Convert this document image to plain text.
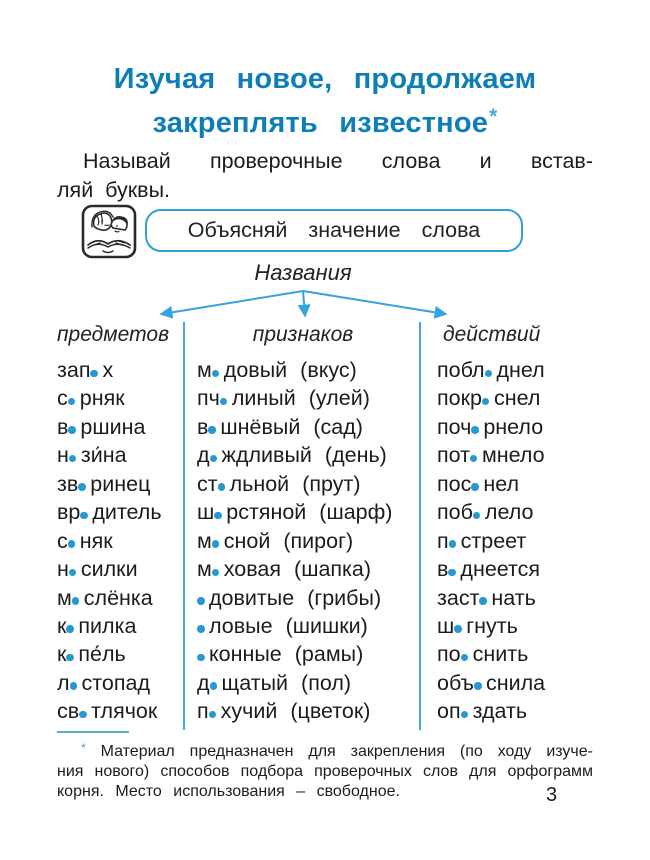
Изучая новое, продолжаем
закреплять известное*

Называй проверочные слова и встав-
ляй буквы.

Объясняй значение слова
Названия
предметов
зап х
с рняк
в ршина
н зи́на
зв ринец
вр дитель
с няк
н силки
м слёнка
к пилка
к пе́ль
л стопад
св тлячок
признаков
м довый (вкус)
пч линый (улей)
в шнёвый (сад)
д ждливый (день)
ст льной (прут)
ш рстяной (шарф)
м сной (пирог)
м ховая (шапка)
довитые (грибы)
ловые (шишки)
конные (рамы)
д щатый (пол)
п хучий (цветок)
действий
побл днел
покр снел
поч рнело
пот мнело
пос нел
поб лело
п стреет
в днеется
заст нать
ш гнуть
по снить
объ снила
оп здать
* Материал предназначен для закрепления (по ходу изуче-
ния нового) способов подбора проверочных слов для орфограмм
корня. Место использования – свободное.	3
